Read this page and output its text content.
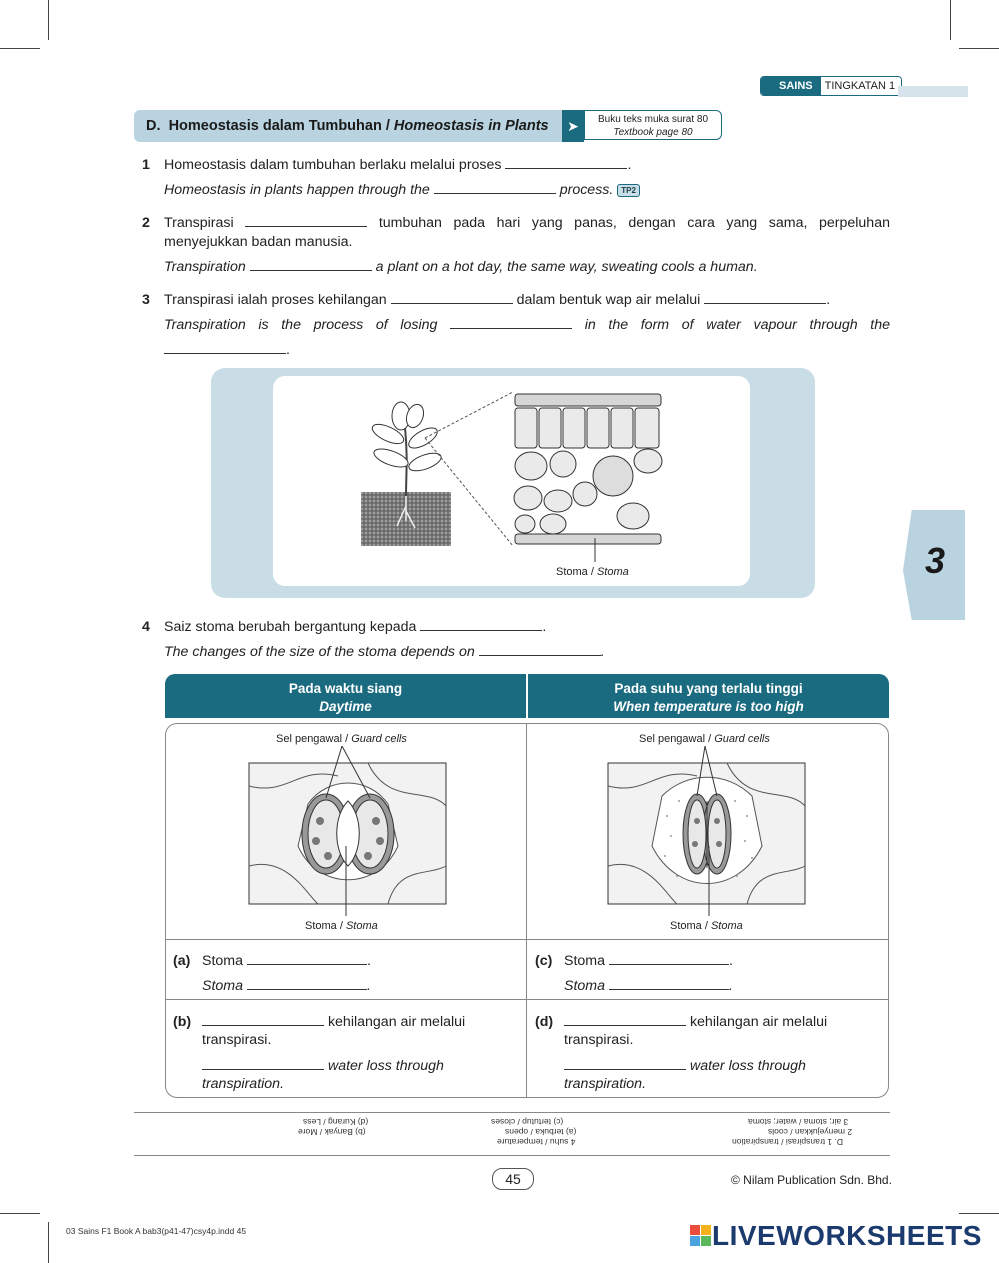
SAINS	TINGKATAN 1
D.
Homeostasis dalam Tumbuhan
/
Homeostasis in Plants	➤	Buku teks muka surat 80
Textbook page 80
1 Homeostasis dalam tumbuhan berlaku melalui proses	.
Homeostasis in plants happen through the	process. TP2
2 Transpirasi	tumbuhan pada hari yang panas, dengan cara yang sama, perpeluhan
menyejukkan badan manusia.
Transpiration	a plant on a hot day, the same way, sweating cools a human.
3 Transpirasi ialah proses kehilangan	dalam bentuk wap air melalui	.
Transpiration is the process of losing	in the form of water vapour through the
.
Stoma / Stoma	3
4 Saiz stoma berubah bergantung kepada	.
The changes of the size of the stoma depends on	.
Pada waktu siang
Daytime
Pada suhu yang terlalu tinggi
When temperature is too high
Sel pengawal / Guard cells
Stoma / Stoma
Sel pengawal / Guard cells
Stoma / Stoma
(a) Stoma	.
Stoma	.
(c) Stoma	.
Stoma	.
(b)	kehilangan air melalui
transpirasi.
water loss through
transpiration.
(d)	kehilangan air melalui
transpirasi.
water loss through
transpiration.
D. 1 transpirasi / transpiration
2 menyejukkan / cools
3 air; stoma / water; stoma
4 suhu / temperature
(a) terbuka / opens
(c) tertutup / closes
(b) Banyak / More
(d) Kurang / Less
45	© Nilam Publication Sdn. Bhd.
03 Sains F1 Book A bab3(p41-47)csy4p.indd 45	LIVEWORKSHEETS
